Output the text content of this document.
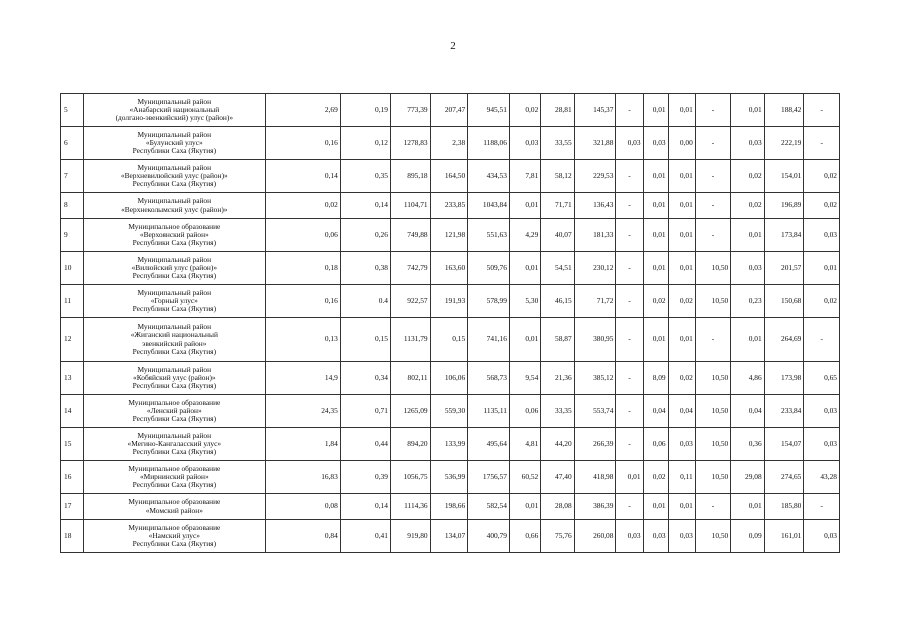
2
5	Муниципальный район
«Анабарский национальный
(долгано-эвенкийский) улус (район)»	2,69	0,19	773,39	207,47	945,51	0,02	28,81	145,37	-	0,01	0,01	-	0,01	188,42	-
6	Муниципальный район
«Булунский улус»
Республики Саха (Якутия)	0,16	0,12	1278,83	2,38	1188,06	0,03	33,55	321,88	0,03	0,03	0,00	-	0,03	222,19	-
7	Муниципальный район
«Верхневилюйский улус (район)»
Республики Саха (Якутия)	0,14	0,35	895,18	164,50	434,53	7,81	58,12	229,53	-	0,01	0,01	-	0,02	154,01	0,02
8	Муниципальный район
«Верхнеколымский улус (район)»	0,02	0,14	1104,71	233,85	1043,84	0,01	71,71	136,43	-	0,01	0,01	-	0,02	196,89	0,02
9	Муниципальное образование
«Верхоянский район»
Республики Саха (Якутия)	0,06	0,26	749,88	121,98	551,63	4,29	40,07	181,33	-	0,01	0,01	-	0,01	173,84	0,03
10	Муниципальный район
«Вилюйский улус (район)»
Республики Саха (Якутия)	0,18	0,38	742,79	163,60	509,76	0,01	54,51	230,12	-	0,01	0,01	10,50	0,03	201,57	0,01
11	Муниципальный район
«Горный улус»
Республики Саха (Якутия)	0,16	0.4	922,57	191,93	578,99	5,30	46,15	71,72	-	0,02	0,02	10,50	0,23	150,68	0,02
12	Муниципальный район
«Жиганский национальный
эвенкийский район»
Республики Саха (Якутия)	0,13	0,15	1131,79	0,15	741,16	0,01	58,87	380,95	-	0,01	0,01	-	0,01	264,69	-
13	Муниципальный район
«Кобяйский улус (район)»
Республики Саха (Якутия)	14,9	0,34	802,11	106,06	568,73	9,54	21,36	385,12	-	8,09	0,02	10,50	4,86	173,98	0,65
14	Муниципальное образование
«Ленский район»
Республики Саха (Якутия)	24,35	0,71	1265,09	559,30	1135,11	0,06	33,35	553,74	-	0,04	0,04	10,50	0,04	233,84	0,03
15	Муниципальный район
«Мегино-Кангаласский улус»
Республики Саха (Якутия)	1,84	0,44	894,20	133,99	495,64	4,81	44,20	266,39	-	0,06	0,03	10,50	0,36	154,07	0,03
16	Муниципальное образование
«Мирнинский район»
Республики Саха (Якутия)	16,83	0,39	1056,75	536,99	1756,57	60,52	47,40	418,98	0,01	0,02	0,11	10,50	29,08	274,65	43,28
17	Муниципальное образование
«Момский район»	0,08	0,14	1114,36	198,66	582,54	0,01	28,08	386,39	-	0,01	0,01	-	0,01	185,80	-
18	Муниципальное образование
«Намский улус»
Республики Саха (Якутия)	0,84	0,41	919,80	134,07	400,79	0,66	75,76	260,08	0,03	0,03	0,03	10,50	0,09	161,01	0,03
